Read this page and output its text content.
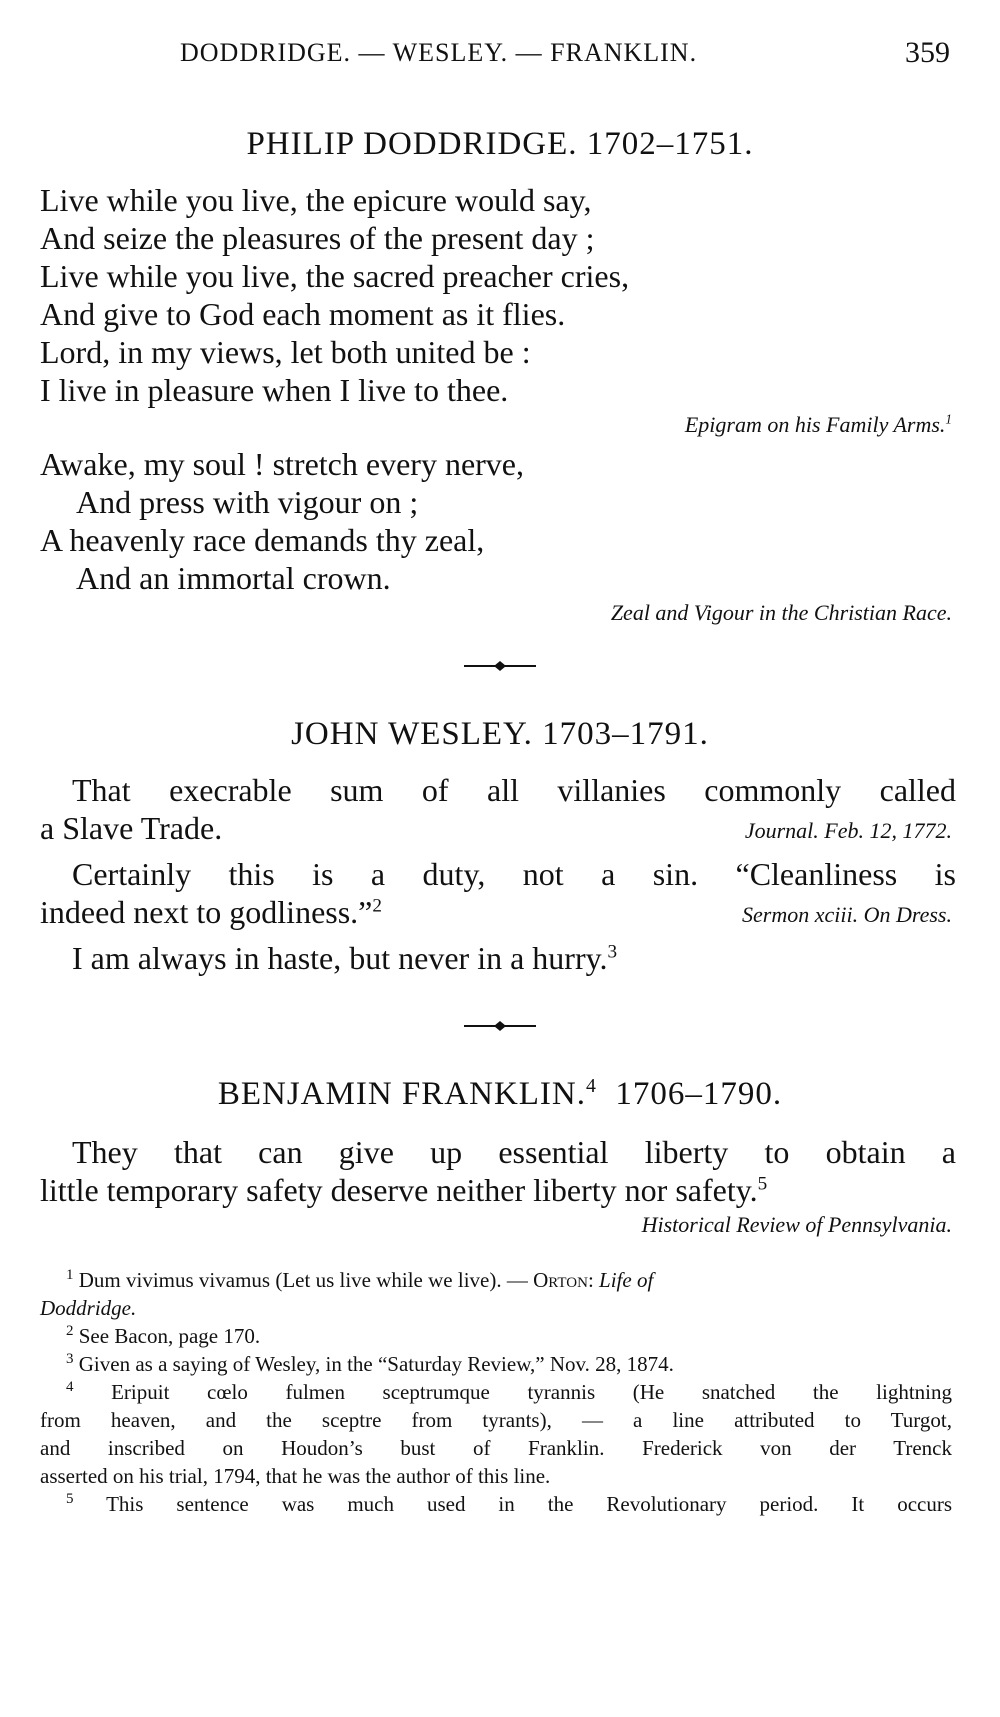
DODDRIDGE. — WESLEY. — FRANKLIN.	359
PHILIP DODDRIDGE. 1702–1751.
Live while you live, the epicure would say,
And seize the pleasures of the present day ;
Live while you live, the sacred preacher cries,
And give to God each moment as it flies.
Lord, in my views, let both united be :
I live in pleasure when I live to thee.
Epigram on his Family Arms.$^1$
Awake, my soul ! stretch every nerve,
And press with vigour on ;
A heavenly race demands thy zeal,
And an immortal crown.
Zeal and Vigour in the Christian Race.
JOHN WESLEY. 1703–1791.
That execrable sum of all villanies commonly called
a Slave Trade.	Journal. Feb. 12, 1772.
Certainly this is a duty, not a sin. “Cleanliness is
indeed next to godliness.”$^2$	Sermon xciii. On Dress.
I am always in haste, but never in a hurry.$^3$
BENJAMIN FRANKLIN.$^4$ 1706–1790.
They that can give up essential liberty to obtain a
little temporary safety deserve neither liberty nor safety.$^5$
Historical Review of Pennsylvania.
$^1$ Dum vivimus vivamus (Let us live while we live). — Orton: Life of
Doddridge.
$^2$ See Bacon, page 170.
$^3$ Given as a saying of Wesley, in the “Saturday Review,” Nov. 28, 1874.
$^4$ Eripuit cœlo fulmen sceptrumque tyrannis (He snatched the lightning
from heaven, and the sceptre from tyrants), — a line attributed to Turgot,
and inscribed on Houdon’s bust of Franklin. Frederick von der Trenck
asserted on his trial, 1794, that he was the author of this line.
$^5$ This sentence was much used in the Revolutionary period. It occurs
